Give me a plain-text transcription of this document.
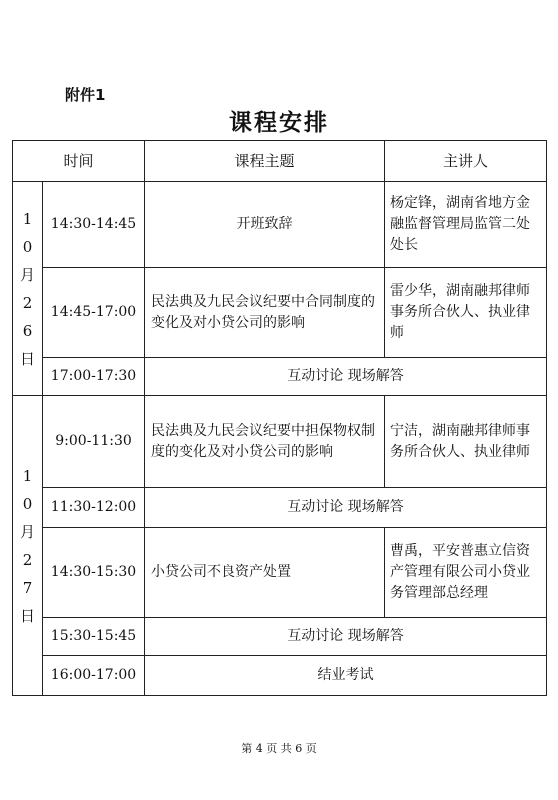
附件1
课程安排
时间		课程主题	主讲人
10月26日	14:30-14:45	开班致辞	杨定锋，湖南省地方金融监督管理局监管二处处长
	14:45-17:00	民法典及九民会议纪要中合同制度的变化及对小贷公司的影响	雷少华，湖南融邦律师事务所合伙人、执业律师
	17:00-17:30	互动讨论 现场解答	
10月27日	9:00-11:30	民法典及九民会议纪要中担保物权制度的变化及对小贷公司的影响	宁洁，湖南融邦律师事务所合伙人、执业律师
	11:30-12:00	互动讨论 现场解答	
	14:30-15:30	小贷公司不良资产处置	曹禹，平安普惠立信资产管理有限公司小贷业务管理部总经理
	15:30-15:45	互动讨论 现场解答	
	16:00-17:00	结业考试	
第 4 页 共 6 页
